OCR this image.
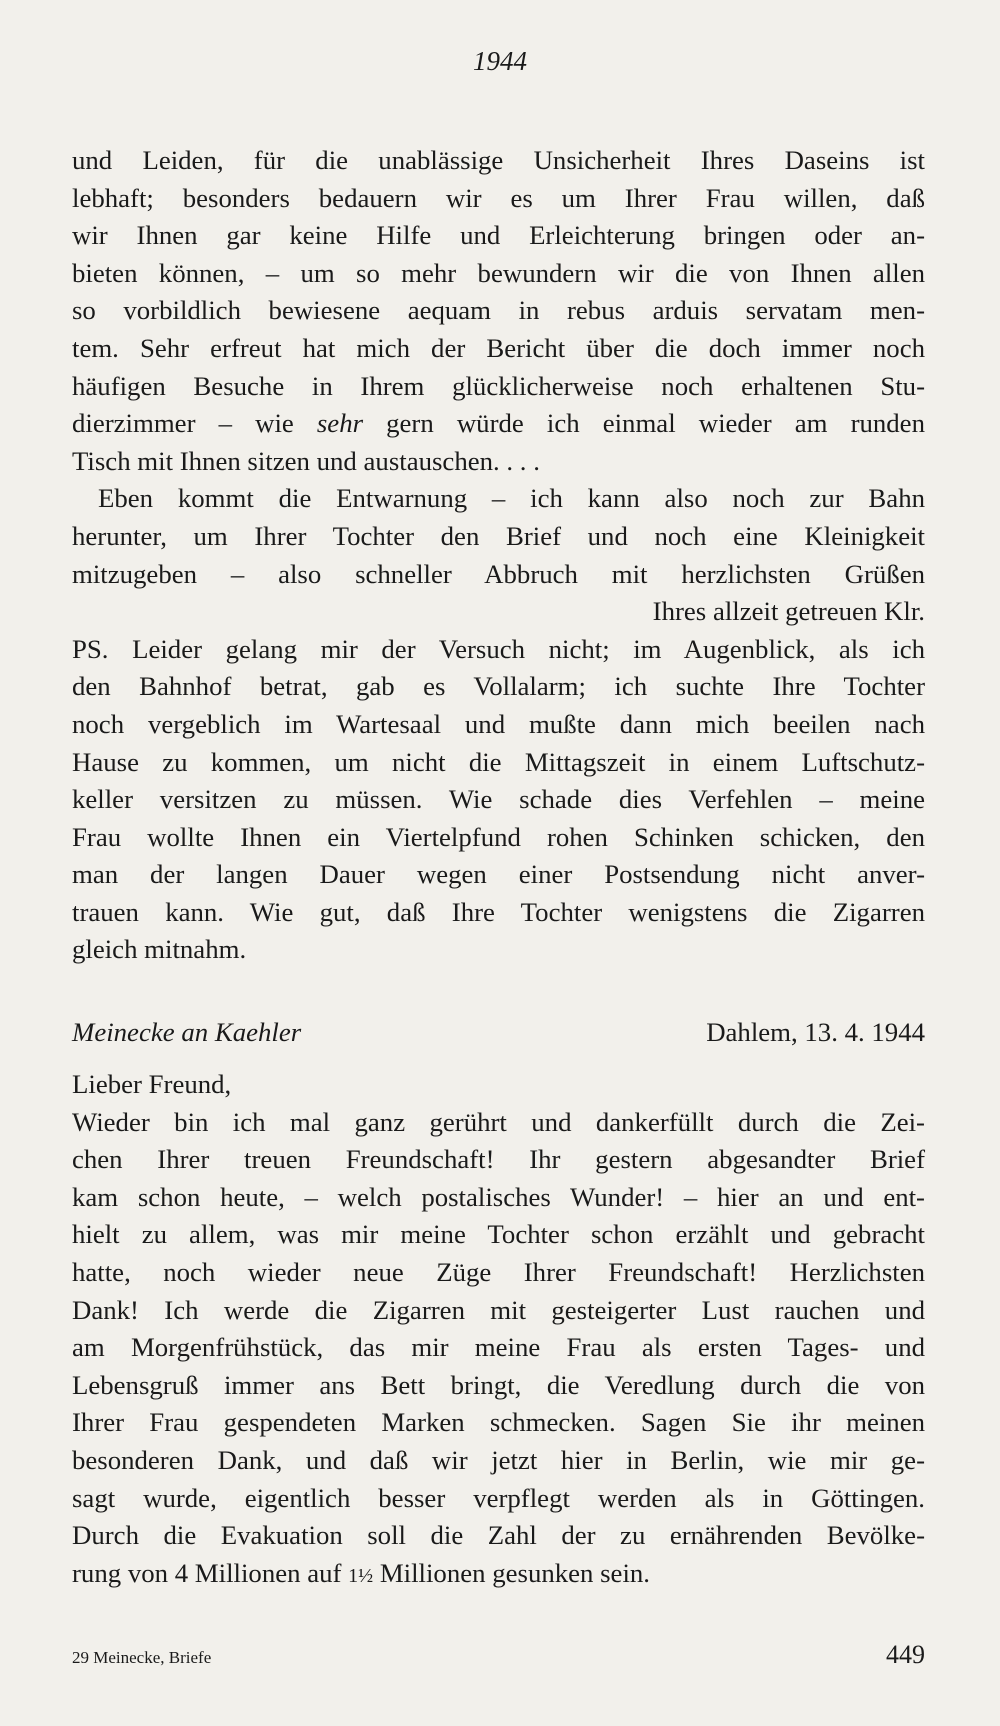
1944
und Leiden, für die unablässige Unsicherheit Ihres Daseins ist
lebhaft; besonders bedauern wir es um Ihrer Frau willen, daß
wir Ihnen gar keine Hilfe und Erleichterung bringen oder an-
bieten können, – um so mehr bewundern wir die von Ihnen allen
so vorbildlich bewiesene aequam in rebus arduis servatam men-
tem. Sehr erfreut hat mich der Bericht über die doch immer noch
häufigen Besuche in Ihrem glücklicherweise noch erhaltenen Stu-
dierzimmer – wie sehr gern würde ich einmal wieder am runden
Tisch mit Ihnen sitzen und austauschen. . . .
Eben kommt die Entwarnung – ich kann also noch zur Bahn
herunter, um Ihrer Tochter den Brief und noch eine Kleinigkeit
mitzugeben – also schneller Abbruch mit herzlichsten Grüßen
Ihres allzeit getreuen Klr.
PS. Leider gelang mir der Versuch nicht; im Augenblick, als ich
den Bahnhof betrat, gab es Vollalarm; ich suchte Ihre Tochter
noch vergeblich im Wartesaal und mußte dann mich beeilen nach
Hause zu kommen, um nicht die Mittagszeit in einem Luftschutz-
keller versitzen zu müssen. Wie schade dies Verfehlen – meine
Frau wollte Ihnen ein Viertelpfund rohen Schinken schicken, den
man der langen Dauer wegen einer Postsendung nicht anver-
trauen kann. Wie gut, daß Ihre Tochter wenigstens die Zigarren
gleich mitnahm.
Meinecke an Kaehler	Dahlem, 13. 4. 1944
Lieber Freund,
Wieder bin ich mal ganz gerührt und dankerfüllt durch die Zei-
chen Ihrer treuen Freundschaft! Ihr gestern abgesandter Brief
kam schon heute, – welch postalisches Wunder! – hier an und ent-
hielt zu allem, was mir meine Tochter schon erzählt und gebracht
hatte, noch wieder neue Züge Ihrer Freundschaft! Herzlichsten
Dank! Ich werde die Zigarren mit gesteigerter Lust rauchen und
am Morgenfrühstück, das mir meine Frau als ersten Tages- und
Lebensgruß immer ans Bett bringt, die Veredlung durch die von
Ihrer Frau gespendeten Marken schmecken. Sagen Sie ihr meinen
besonderen Dank, und daß wir jetzt hier in Berlin, wie mir ge-
sagt wurde, eigentlich besser verpflegt werden als in Göttingen.
Durch die Evakuation soll die Zahl der zu ernährenden Bevölke-
rung von 4 Millionen auf 1½ Millionen gesunken sein.
29 Meinecke, Briefe	449
